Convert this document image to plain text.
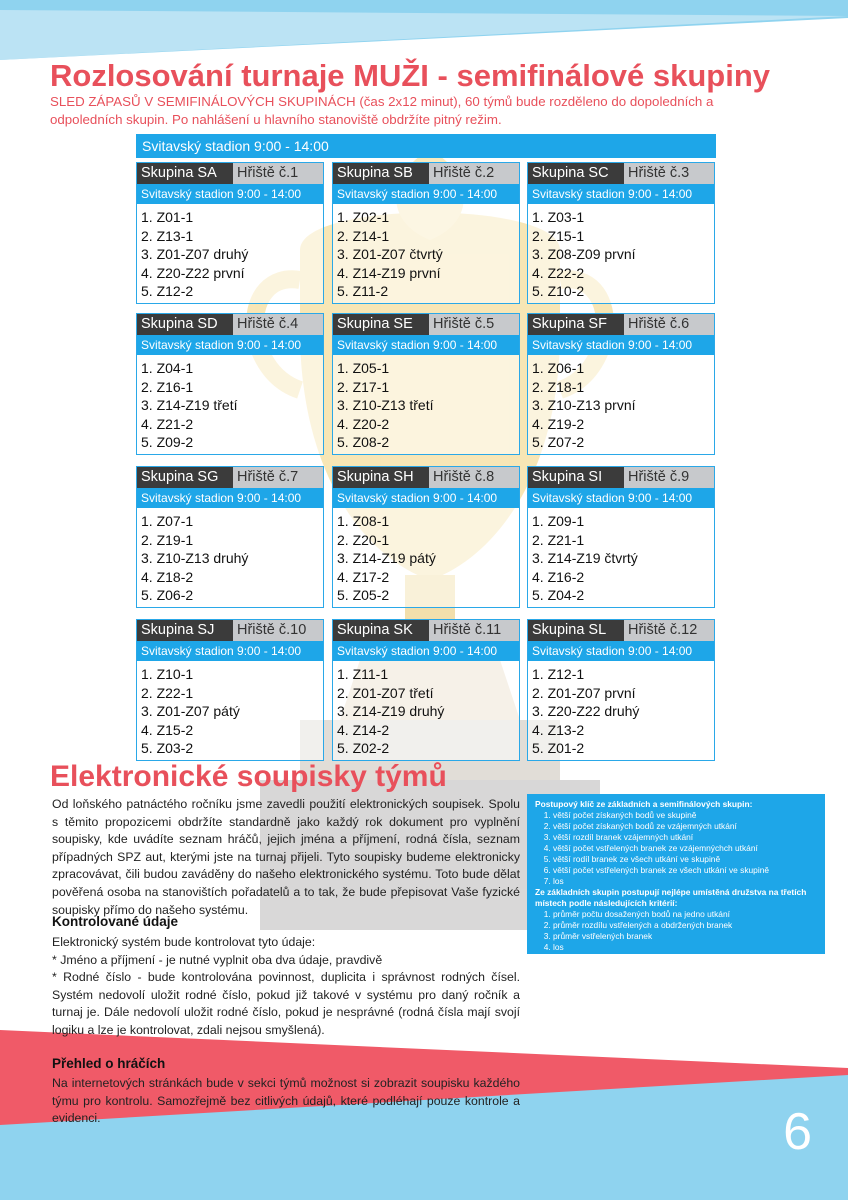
Rozlosování turnaje MUŽI - semifinálové skupiny

SLED ZÁPASŮ V SEMIFINÁLOVÝCH SKUPINÁCH (čas 2x12 minut), 60 týmů bude rozděleno do dopoledních a odpoledních skupin. Po nahlášení u hlavního stanoviště obdržíte pitný režim.

Svitavský stadion 9:00 - 14:00
Skupina SA	Hřiště č.1
Svitavský stadion 9:00 - 14:00
1. Z01-1
2. Z13-1
3. Z01-Z07 druhý
4. Z20-Z22 první
5. Z12-2
Skupina SB	Hřiště č.2
Svitavský stadion 9:00 - 14:00
1. Z02-1
2. Z14-1
3. Z01-Z07 čtvrtý
4. Z14-Z19 první
5. Z11-2
Skupina SC	Hřiště č.3
Svitavský stadion 9:00 - 14:00
1. Z03-1
2. Z15-1
3. Z08-Z09 první
4. Z22-2
5. Z10-2
Skupina SD	Hřiště č.4
Svitavský stadion 9:00 - 14:00
1. Z04-1
2. Z16-1
3. Z14-Z19 třetí
4. Z21-2
5. Z09-2
Skupina SE	Hřiště č.5
Svitavský stadion 9:00 - 14:00
1. Z05-1
2. Z17-1
3. Z10-Z13 třetí
4. Z20-2
5. Z08-2
Skupina SF	Hřiště č.6
Svitavský stadion 9:00 - 14:00
1. Z06-1
2. Z18-1
3. Z10-Z13 první
4. Z19-2
5. Z07-2
Skupina SG	Hřiště č.7
Svitavský stadion 9:00 - 14:00
1. Z07-1
2. Z19-1
3. Z10-Z13 druhý
4. Z18-2
5. Z06-2
Skupina SH	Hřiště č.8
Svitavský stadion 9:00 - 14:00
1. Z08-1
2. Z20-1
3. Z14-Z19 pátý
4. Z17-2
5. Z05-2
Skupina SI	Hřiště č.9
Svitavský stadion 9:00 - 14:00
1. Z09-1
2. Z21-1
3. Z14-Z19 čtvrtý
4. Z16-2
5. Z04-2
Skupina SJ	Hřiště č.10
Svitavský stadion 9:00 - 14:00
1. Z10-1
2. Z22-1
3. Z01-Z07 pátý
4. Z15-2
5. Z03-2
Skupina SK	Hřiště č.11
Svitavský stadion 9:00 - 14:00
1. Z11-1
2. Z01-Z07 třetí
3. Z14-Z19 druhý
4. Z14-2
5. Z02-2
Skupina SL	Hřiště č.12
Svitavský stadion 9:00 - 14:00
1. Z12-1
2. Z01-Z07 první
3. Z20-Z22 druhý
4. Z13-2
5. Z01-2
Elektronické soupisky týmů

Od loňského patnáctého ročníku jsme zavedli použití elektronických soupisek. Spolu s těmito propozicemi obdržíte standardně jako každý rok dokument pro vyplnění soupisky, kde uvádíte seznam hráčů, jejich jména a příjmení, rodná čísla, seznam případných SPZ aut, kterými jste na turnaj přijeli. Tyto soupisky budeme elektronicky zpracovávat, čili budou zaváděny do našeho elektronického systému. Toto bude dělat pověřená osoba na stanovištích pořadatelů a to tak, že bude přepisovat Vaše fyzické soupisky přímo do našeho systému.

Kontrolované údaje
Elektronický systém bude kontrolovat tyto údaje:
* Jméno a příjmení - je nutné vyplnit oba dva údaje, pravdivě
* Rodné číslo - bude kontrolována povinnost, duplicita i správnost rodných čísel. Systém nedovolí uložit rodné číslo, pokud již takové v systému pro daný ročník a turnaj je. Dále nedovolí uložit rodné číslo, pokud je nesprávné (rodná čísla mají svojí logiku a lze je kontrolovat, zdali nejsou smyšlená).
Přehled o hráčích

Na internetových stránkách bude v sekci týmů možnost si zobrazit soupisku každého týmu pro kontrolu. Samozřejmě bez citlivých údajů, které podléhají pouze kontrole a evidenci.

Postupový klíč ze základních a semifinálových skupin:

1. větší počet získaných bodů ve skupině
2. větší počet získaných bodů ze vzájemných utkání
3. větší rozdíl branek vzájemných utkání
4. větší počet vstřelených branek ze vzájemnýchch utkání
5. větší rodíl branek ze všech utkání ve skupině
6. větší počet vstřelených branek ze všech utkání ve skupině
7. los

Ze základních skupin postupují nejlépe umístěná družstva na třetích místech podle následujících kritérií:

1. průměr počtu dosažených bodů na jedno utkání
2. průměr rozdílu vstřelených a obdržených branek
3. průměr vstřelených branek
4. los

6
